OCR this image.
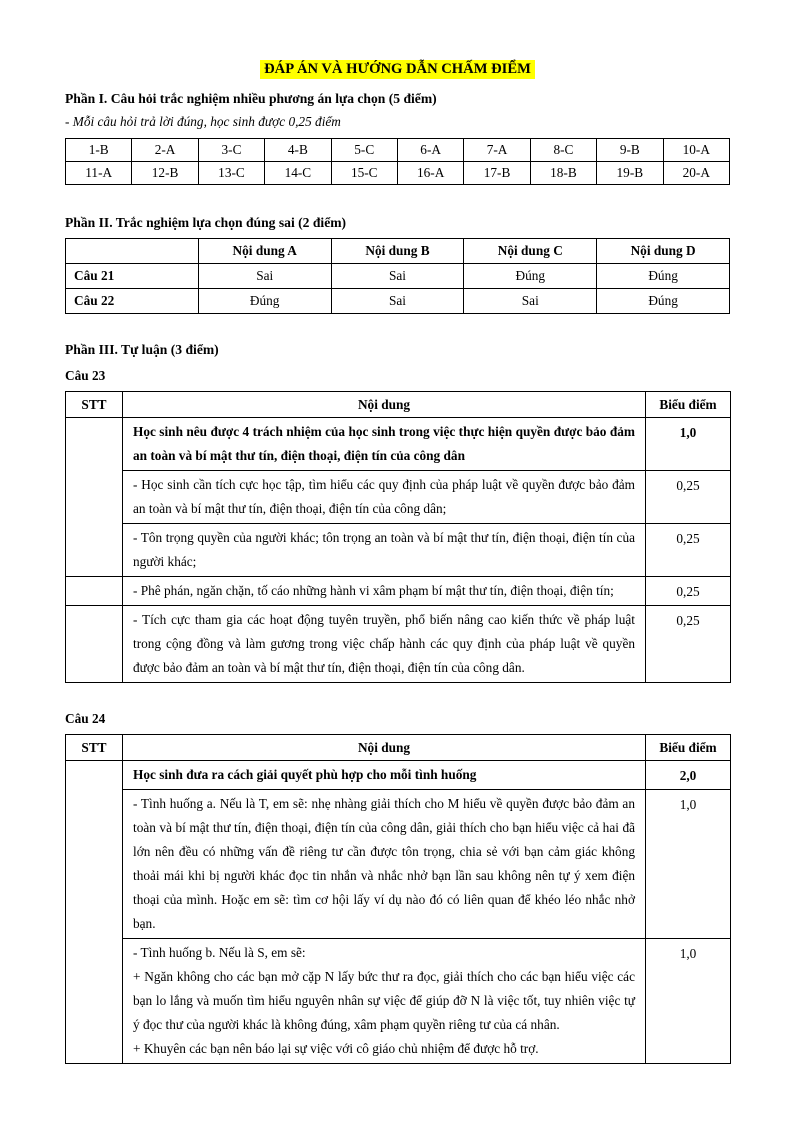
ĐÁP ÁN VÀ HƯỚNG DẪN CHẤM ĐIỂM
Phần I. Câu hỏi trắc nghiệm nhiều phương án lựa chọn (5 điểm)
- Mỗi câu hỏi trả lời đúng, học sinh được 0,25 điểm
1-B	2-A	3-C	4-B	5-C	6-A	7-A	8-C	9-B	10-A
11-A	12-B	13-C	14-C	15-C	16-A	17-B	18-B	19-B	20-A
Phần II. Trắc nghiệm lựa chọn đúng sai (2 điểm)
	Nội dung A	Nội dung B	Nội dung C	Nội dung D
Câu 21	Sai	Sai	Đúng	Đúng
Câu 22	Đúng	Sai	Sai	Đúng
Phần III. Tự luận (3 điểm)
Câu 23
STT	Nội dung	Biểu điểm
	Học sinh nêu được 4 trách nhiệm của học sinh trong việc thực hiện quyền được bảo đảm an toàn và bí mật thư tín, điện thoại, điện tín của công dân	1,0
	- Học sinh cần tích cực học tập, tìm hiểu các quy định của pháp luật về quyền được bảo đảm an toàn và bí mật thư tín, điện thoại, điện tín của công dân;	0,25
	- Tôn trọng quyền của người khác; tôn trọng an toàn và bí mật thư tín, điện thoại, điện tín của người khác;	0,25
	- Phê phán, ngăn chặn, tố cáo những hành vi xâm phạm bí mật thư tín, điện thoại, điện tín;	0,25
	- Tích cực tham gia các hoạt động tuyên truyền, phổ biến nâng cao kiến thức về pháp luật trong cộng đồng và làm gương trong việc chấp hành các quy định của pháp luật về quyền được bảo đảm an toàn và bí mật thư tín, điện thoại, điện tín của công dân.	0,25
Câu 24
STT	Nội dung	Biểu điểm
	Học sinh đưa ra cách giải quyết phù hợp cho mỗi tình huống	2,0
	- Tình huống a. Nếu là T, em sẽ: nhẹ nhàng giải thích cho M hiểu về quyền được bảo đảm an toàn và bí mật thư tín, điện thoại, điện tín của công dân, giải thích cho bạn hiểu việc cả hai đã lớn nên đều có những vấn đề riêng tư cần được tôn trọng, chia sẻ với bạn cảm giác không thoải mái khi bị người khác đọc tin nhắn và nhắc nhở bạn lần sau không nên tự ý xem điện thoại của mình. Hoặc em sẽ: tìm cơ hội lấy ví dụ nào đó có liên quan để khéo léo nhắc nhở bạn.	1,0

	- Tình huống b. Nếu là S, em sẽ:

+ Ngăn không cho các bạn mở cặp N lấy bức thư ra đọc, giải thích cho các bạn hiểu việc các bạn lo lắng và muốn tìm hiểu nguyên nhân sự việc để giúp đỡ N là việc tốt, tuy nhiên việc tự ý đọc thư của người khác là không đúng, xâm phạm quyền riêng tư của cá nhân.

+ Khuyên các bạn nên báo lại sự việc với cô giáo chủ nhiệm để được hỗ trợ.	1,0
